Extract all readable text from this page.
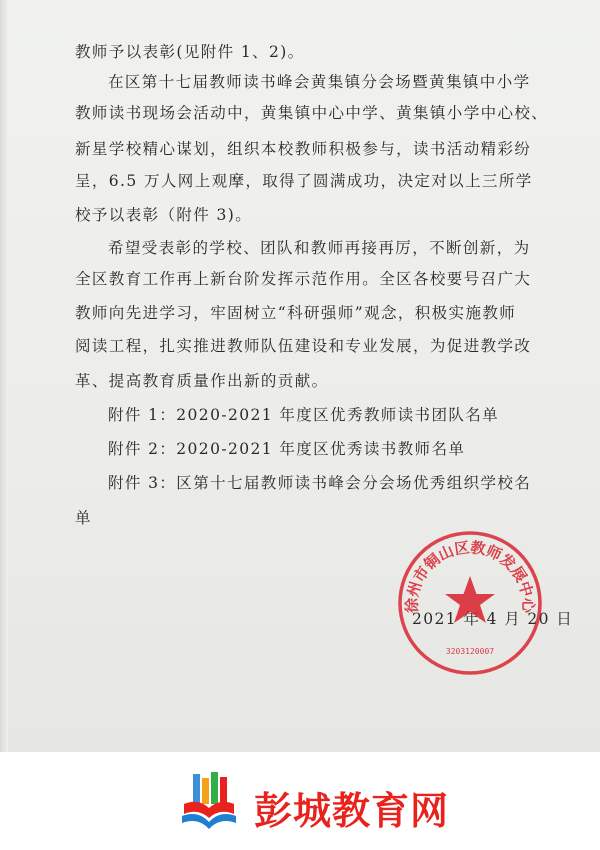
教师予以表彰(见附件 1、2)。
在区第十七届教师读书峰会黄集镇分会场暨黄集镇中小学
教师读书现场会活动中，黄集镇中心中学、黄集镇小学中心校、
新星学校精心谋划，组织本校教师积极参与，读书活动精彩纷
呈，6.5 万人网上观摩，取得了圆满成功，决定对以上三所学
校予以表彰（附件 3)。
希望受表彰的学校、团队和教师再接再厉，不断创新，为
全区教育工作再上新台阶发挥示范作用。全区各校要号召广大
教师向先进学习，牢固树立“科研强师”观念，积极实施教师
阅读工程，扎实推进教师队伍建设和专业发展，为促进教学改
革、提高教育质量作出新的贡献。
附件 1：2020-2021 年度区优秀教师读书团队名单
附件 2：2020-2021 年度区优秀读书教师名单
附件 3：区第十七届教师读书峰会分会场优秀组织学校名
单
2021 年 4 月 20 日
徐州市铜山区教师发展中心
3203120007
彭城教育网
